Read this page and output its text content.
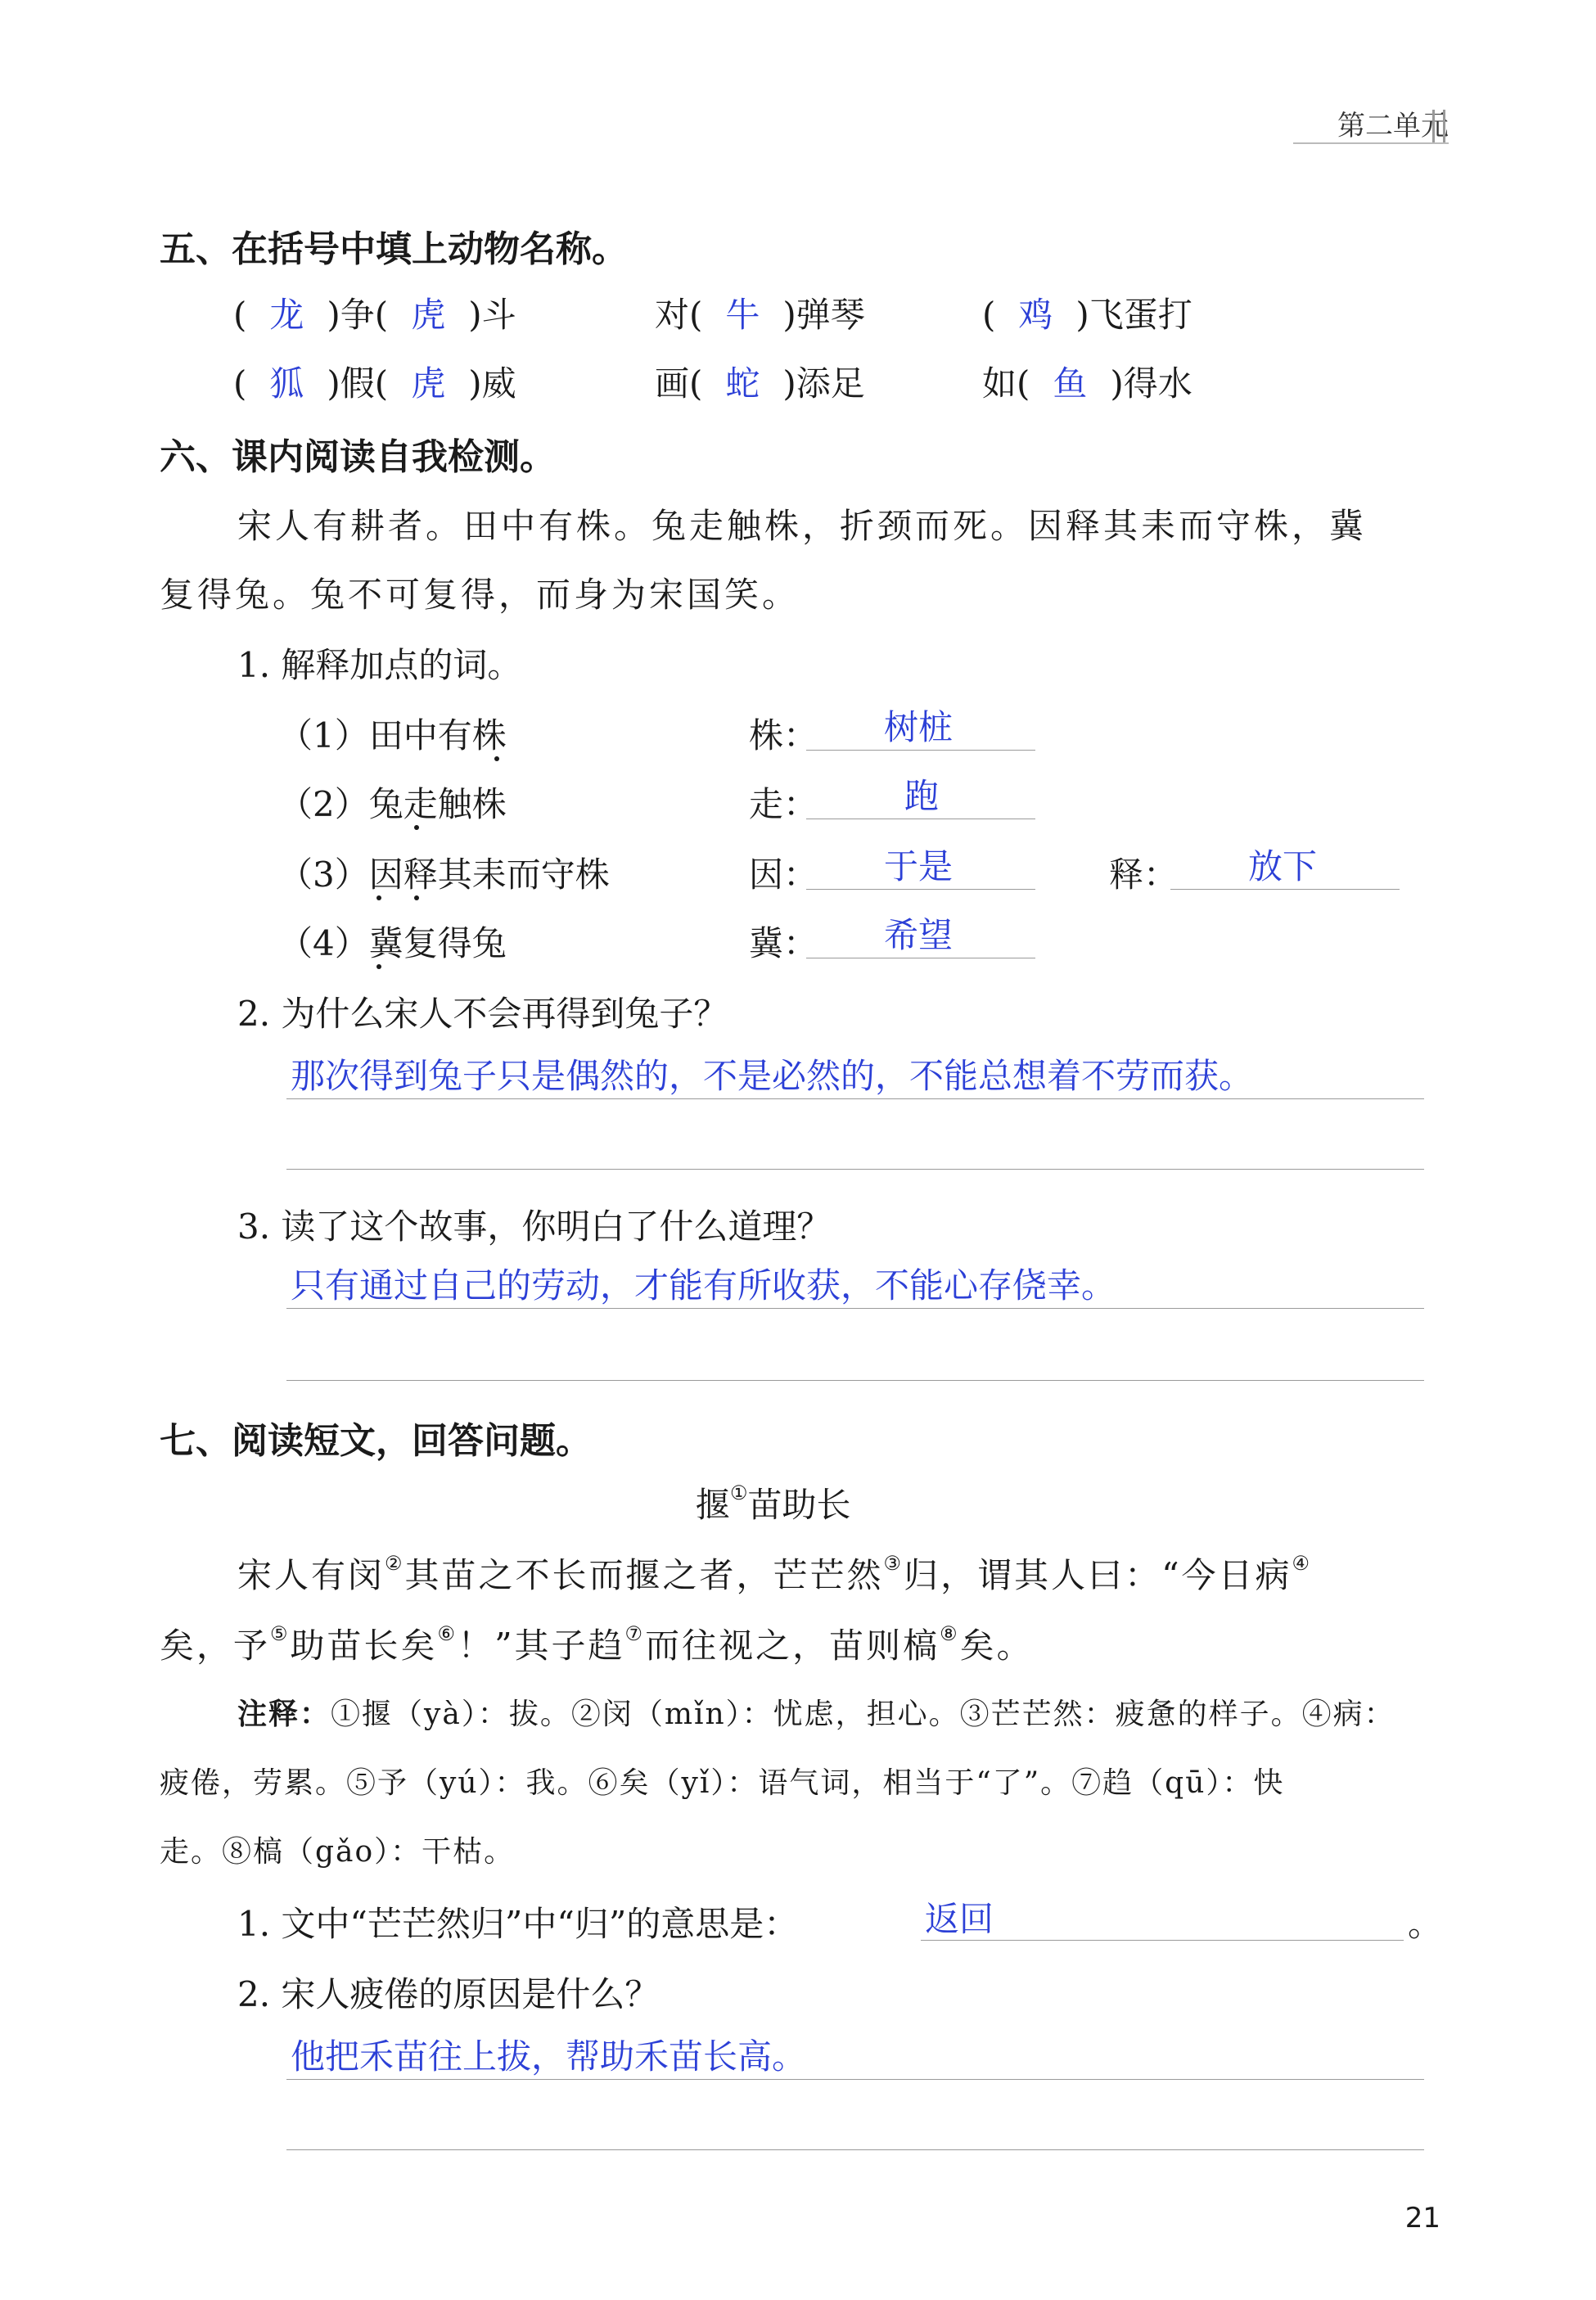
第二单元
五、在括号中填上动物名称。
( 龙 )争( 虎 )斗	对( 牛 )弹琴	( 鸡 )飞蛋打
( 狐 )假( 虎 )威	画( 蛇 )添足	如( 鱼 )得水
六、课内阅读自我检测。
宋人有耕者。田中有株。兔走触株，折颈而死。因释其耒而守株，冀
复得兔。兔不可复得，而身为宋国笑。
1. 解释加点的词。
（1）田中有株	株： 树桩
（2）兔走触株	走：	跑
（3）因释其耒而守株	因： 于是	释： 放下
（4）冀复得兔	冀： 希望
2. 为什么宋人不会再得到兔子？
那次得到兔子只是偶然的，不是必然的，不能总想着不劳而获。
3. 读了这个故事，你明白了什么道理？
只有通过自己的劳动，才能有所收获，不能心存侥幸。
七、阅读短文，回答问题。
揠①苗助长
宋人有闵②其苗之不长而揠之者，芒芒然③归，谓其人曰：“今日病④
矣，予⑤助苗长矣⑥！”其子趋⑦而往视之，苗则槁⑧矣。
注释：①揠（yà）：拔。②闵（mǐn）：忧虑，担心。③芒芒然：疲惫的样子。④病：
疲倦，劳累。⑤予（yú）：我。⑥矣（yǐ）：语气词，相当于“了”。⑦趋（qū）：快
走。⑧槁（gǎo）：干枯。
1. 文中“芒芒然归”中“归”的意思是：	返回	。
2. 宋人疲倦的原因是什么？
他把禾苗往上拔，帮助禾苗长高。
21
